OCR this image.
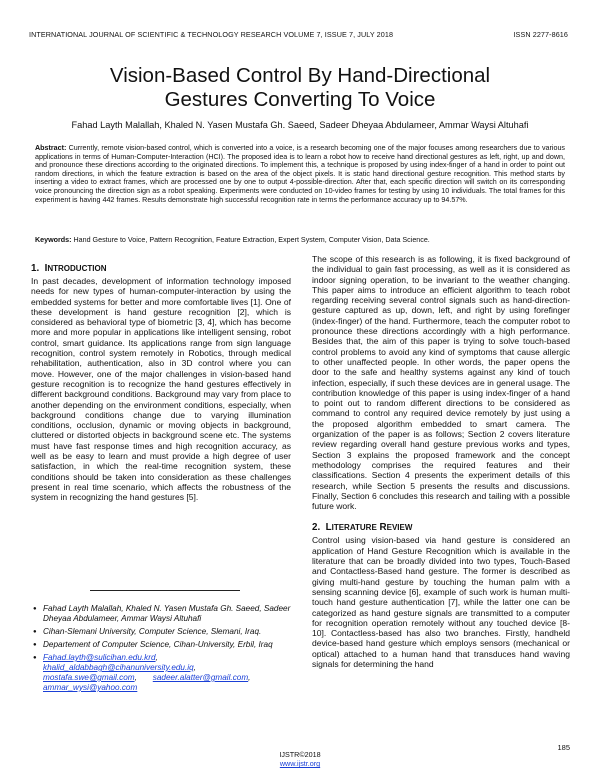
INTERNATIONAL JOURNAL OF SCIENTIFIC & TECHNOLOGY RESEARCH VOLUME 7, ISSUE 7, JULY 2018	ISSN 2277-8616
Vision-Based Control By Hand-Directional
Gestures Converting To Voice
Fahad Layth Malallah, Khaled N. Yasen Mustafa Gh. Saeed, Sadeer Dheyaa Abdulameer, Ammar Waysi Altuhafi
Abstract: Currently, remote vision-based control, which is converted into a voice, is a research becoming one of the major focuses among researchers due to various applications in terms of Human-Computer-Interaction (HCI). The proposed idea is to learn a robot how to receive hand directional gestures as left, right, up and down, and pronounce these directions according to the originated directions. To implement this, a technique is proposed by using index-finger of a hand in order to point out random directions, in which the feature extraction is based on the area of the object pixels. It is static hand directional gesture recognition. This method starts by inserting a video to extract frames, which are processed one by one to output 4-possible-direction. After that, each specific direction will switch on its corresponding voice pronouncing the direction sign as a robot speaking. Experiments were conducted on 10-video frames for testing by using 10 individuals. The total frames for this experiment is having 442 frames. Results demonstrate high successful recognition rate in terms the performance accuracy up to 94.57%.
Keywords: Hand Gesture to Voice, Pattern Recognition, Feature Extraction, Expert System, Computer Vision, Data Science.
1. INTRODUCTION

In past decades, development of information technology imposed needs for new types of human-computer-interaction by using the embedded systems for better and more comfortable lives [1]. One of these development is hand gesture recognition [2], which is considered as behavioral type of biometric [3, 4], which has become more and more popular in applications like intelligent sensing, robot control, smart guidance. Its applications range from sign language recognition, control system remotely in Robotics, through medical rehabilitation, authentication, also in 3D control where you can move. However, one of the major challenges in vision-based hand gesture recognition is to recognize the hand gestures effectively in different background conditions. Background may vary from place to another depending on the environment conditions, especially, when background conditions change due to varying illumination conditions, occlusion, dynamic or moving objects in background, cluttered or distorted objects in background scene etc. The systems must have fast response times and high recognition accuracy, as well as be easy to learn and must provide a high degree of user satisfaction, in which the real-time recognition system, these conditions should be taken into consideration as these challenges present in real time scenario, which affects the robustness of the system in recognizing the hand gestures [5].

The scope of this research is as following, it is fixed background of the individual to gain fast processing, as well as it is considered as indoor signing operation, to be invariant to the weather changing. This paper aims to introduce an efficient algorithm to teach robot regarding receiving several control signals such as hand-direction-gesture captured as up, down, left, and right by using forefinger (index-finger) of the hand. Furthermore, teach the computer robot to pronounce these directions accordingly with a high performance. Besides that, the aim of this paper is trying to solve touch-based control problems to avoid any kind of symptoms that cause allergic to other unaffected people. In other words, the paper opens the door to the safe and healthy systems against any kind of touch infection, especially, if such these devices are in general usage. The contribution knowledge of this paper is using index-finger of a hand to point out to random different directions to be considered as command to control any required device remotely by just using a the proposed algorithm embedded to smart camera. The organization of the paper is as follows; Section 2 covers literature review regarding overall hand gesture previous works and types, Section 3 explains the proposed framework and the concept methodology comprises the required features and their classifications. Section 4 presents the experiment details of this research, while Section 5 presents the results and discussions. Finally, Section 6 concludes this research and tailing with a possible future work.

2. LITERATURE REVIEW

Control using vision-based via hand gesture is considered an application of Hand Gesture Recognition which is available in the literature that can be broadly divided into two types, Touch-Based and Contactless-Based hand gesture. The former is described as giving multi-hand gesture by touching the human palm with a sensing scanning device [6], example of such work is human multi-touch hand gesture authentication [7], while the latter one can be categorized as hand gesture signals are transmitted to a computer for recognition operation remotely without any touched device [8-10]. Contactless-based has also two branches. Firstly, handheld device-based hand gesture which employs sensors (mechanical or optical) attached to a human hand that transduces hand waving signals for determining the hand

● Fahad Layth Malallah, Khaled N. Yasen Mustafa Gh. Saeed, Sadeer Dheyaa Abdulameer, Ammar Waysi Altuhafi
● Cihan-Slemani University, Computer Science, Slemani, Iraq.
● Departement of Computer Science, Cihan-University, Erbil, Iraq
● Fahad.layth@sulicihan.edu.krd,
khalid_aldabbagh@cihanuniversity.edu.iq,
mostafa.swe@gmail.com,       sadeer.alatter@gmail.com,
ammar_wysi@yahoo.com
185
IJSTR©2018
www.ijstr.org
